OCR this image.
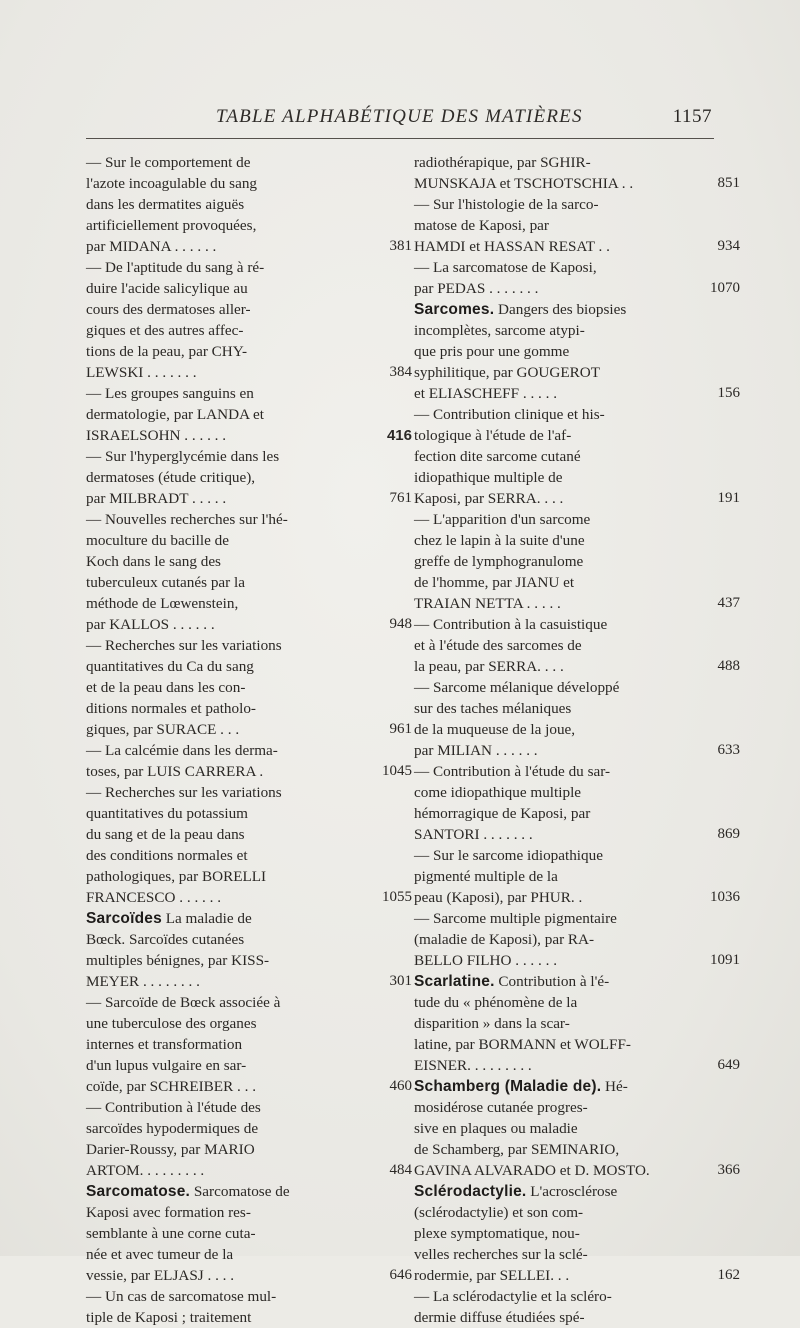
TABLE ALPHABÉTIQUE DES MATIÈRES	1157
— Sur le comportement de
l'azote incoagulable du sang
dans les dermatites aiguës
artificiellement provoquées,
par MIDANA . . . . . .	381
— De l'aptitude du sang à ré-
duire l'acide salicylique au
cours des dermatoses aller-
giques et des autres affec-
tions de la peau, par CHY-
LEWSKI . . . . . . .	384
— Les groupes sanguins en
dermatologie, par LANDA et
ISRAELSOHN . . . . . .	416
— Sur l'hyperglycémie dans les
dermatoses (étude critique),
par MILBRADT . . . . .	761
— Nouvelles recherches sur l'hé-
moculture du bacille de
Koch dans le sang des
tuberculeux cutanés par la
méthode de Lœwenstein,
par KALLOS . . . . . .	948
— Recherches sur les variations
quantitatives du Ca du sang
et de la peau dans les con-
ditions normales et patholo-
giques, par SURACE . . .	961
— La calcémie dans les derma-
toses, par LUIS CARRERA .	1045
— Recherches sur les variations
quantitatives du potassium
du sang et de la peau dans
des conditions normales et
pathologiques, par BORELLI
FRANCESCO . . . . . .	1055
Sarcoïdes La maladie de
Bœck. Sarcoïdes cutanées
multiples bénignes, par KISS-
MEYER . . . . . . . .	301
— Sarcoïde de Bœck associée à
une tuberculose des organes
internes et transformation
d'un lupus vulgaire en sar-
coïde, par SCHREIBER . . .	460
— Contribution à l'étude des
sarcoïdes hypodermiques de
Darier-Roussy, par MARIO
ARTOM. . . . . . . . .	484
Sarcomatose. Sarcomatose de
Kaposi avec formation res-
semblante à une corne cuta-
née et avec tumeur de la
vessie, par ELJASJ . . . .	646
— Un cas de sarcomatose mul-
tiple de Kaposi ; traitement
radiothérapique, par SGHIR-
MUNSKAJA et TSCHOTSCHIA . .	851
— Sur l'histologie de la sarco-
matose de Kaposi, par
HAMDI et HASSAN RESAT . .	934
— La sarcomatose de Kaposi,
par PEDAS . . . . . . .	1070
Sarcomes. Dangers des biopsies
incomplètes, sarcome atypi-
que pris pour une gomme
syphilitique, par GOUGEROT
et ELIASCHEFF . . . . .	156
— Contribution clinique et his-
tologique à l'étude de l'af-
fection dite sarcome cutané
idiopathique multiple de
Kaposi, par SERRA. . . .	191
— L'apparition d'un sarcome
chez le lapin à la suite d'une
greffe de lymphogranulome
de l'homme, par JIANU et
TRAIAN NETTA . . . . .	437
— Contribution à la casuistique
et à l'étude des sarcomes de
la peau, par SERRA. . . .	488
— Sarcome mélanique développé
sur des taches mélaniques
de la muqueuse de la joue,
par MILIAN . . . . . .	633
— Contribution à l'étude du sar-
come idiopathique multiple
hémorragique de Kaposi, par
SANTORI . . . . . . .	869
— Sur le sarcome idiopathique
pigmenté multiple de la
peau (Kaposi), par PHUR. .	1036
— Sarcome multiple pigmentaire
(maladie de Kaposi), par RA-
BELLO FILHO . . . . . .	1091
Scarlatine. Contribution à l'é-
tude du « phénomène de la
disparition » dans la scar-
latine, par BORMANN et WOLFF-
EISNER. . . . . . . . .	649
Schamberg (Maladie de). Hé-
mosidérose cutanée progres-
sive en plaques ou maladie
de Schamberg, par SEMINARIO,
GAVINA ALVARADO et D. MOSTO.	366
Sclérodactylie. L'acrosclérose
(sclérodactylie) et son com-
plexe symptomatique, nou-
velles recherches sur la sclé-
rodermie, par SELLEI. . .	162
— La sclérodactylie et la scléro-
dermie diffuse étudiées spé-
